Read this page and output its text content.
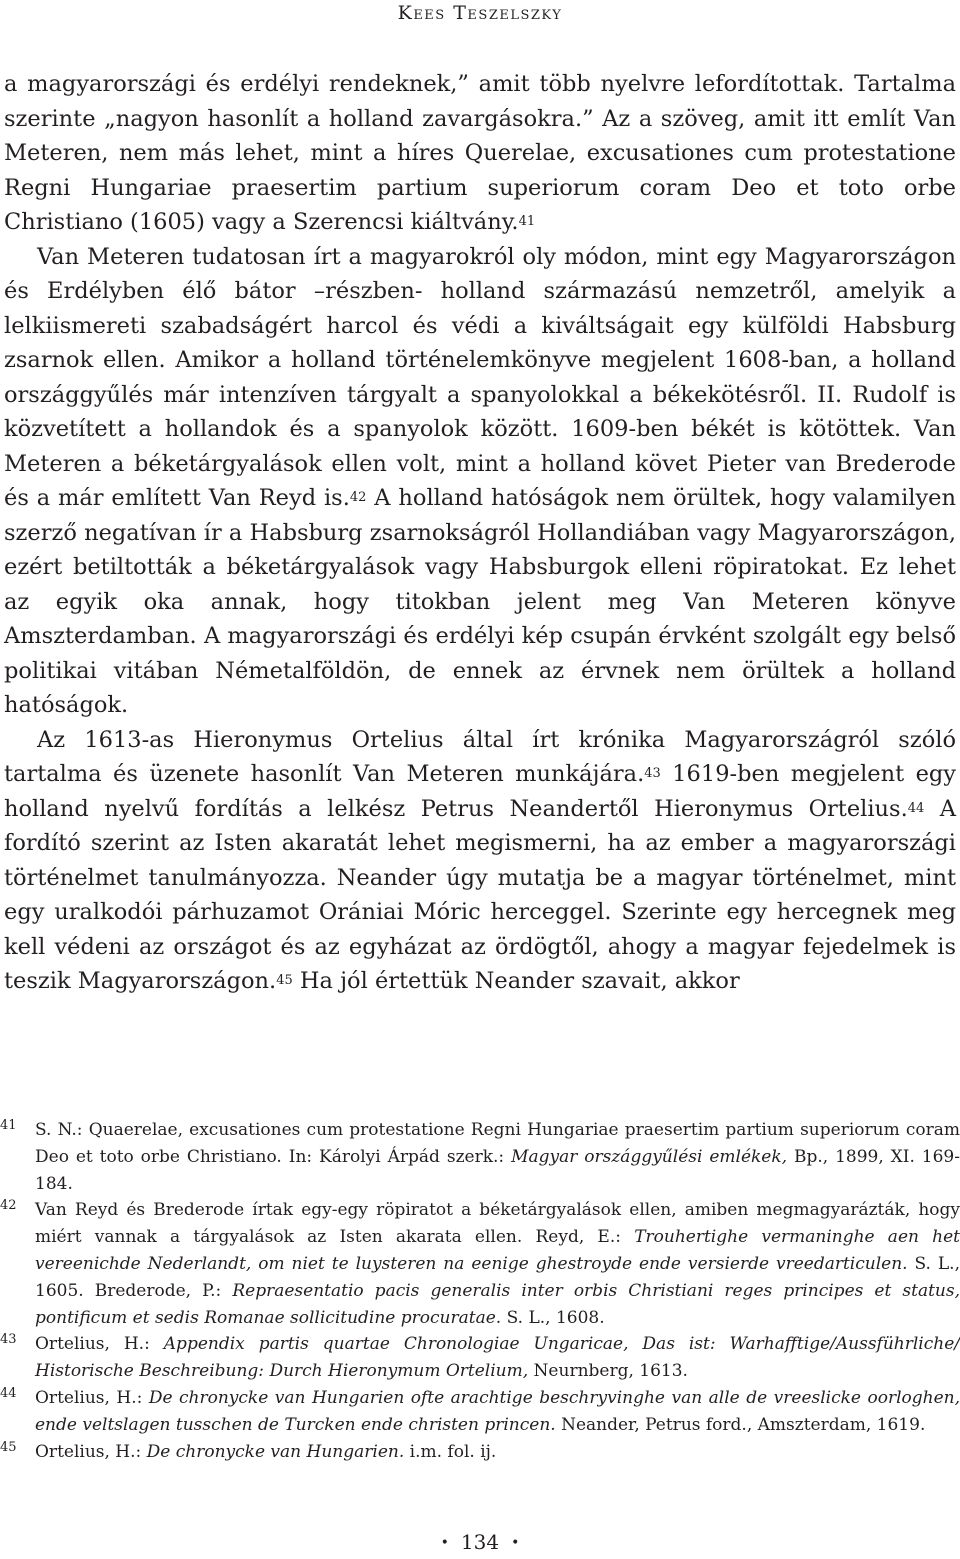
Kees Teszelszky

a magyarországi és erdélyi rendeknek,” amit több nyelvre lefordítottak. Tartalma szerinte „nagyon hasonlít a holland zavargásokra.” Az a szöveg, amit itt említ Van Meteren, nem más lehet, mint a híres Querelae, excusationes cum protestatione Regni Hungariae praesertim partium superiorum coram Deo et toto orbe Christiano (1605) vagy a Szerencsi kiáltvány.$^{41}$

Van Meteren tudatosan írt a magyarokról oly módon, mint egy Magyarországon és Erdélyben élő bátor –részben- holland származású nemzetről, amelyik a lelkiismereti szabadságért harcol és védi a kiváltságait egy külföldi Habsburg zsarnok ellen. Amikor a holland történelemkönyve megjelent 1608-ban, a holland országgyűlés már intenzíven tárgyalt a spanyolokkal a békekötésről. II. Rudolf is közvetített a hollandok és a spanyolok között. 1609-ben békét is kötöttek. Van Meteren a béketárgyalások ellen volt, mint a holland követ Pieter van Brederode és a már említett Van Reyd is.$^{42}$ A holland hatóságok nem örültek, hogy valamilyen szerző negatívan ír a Habsburg zsarnokságról Hollandiában vagy Magyarországon, ezért betiltották a béketárgyalások vagy Habsburgok elleni röpiratokat. Ez lehet az egyik oka annak, hogy titokban jelent meg Van Meteren könyve Amszterdamban. A magyarországi és erdélyi kép csupán érvként szolgált egy belső politikai vitában Németalföldön, de ennek az érvnek nem örültek a holland hatóságok.

Az 1613-as Hieronymus Ortelius által írt krónika Magyarországról szóló tartalma és üzenete hasonlít Van Meteren munkájára.$^{43}$ 1619-ben megjelent egy holland nyelvű fordítás a lelkész Petrus Neandertől Hieronymus Ortelius.$^{44}$ A fordító szerint az Isten akaratát lehet megismerni, ha az ember a magyarországi történelmet tanulmányozza. Neander úgy mutatja be a magyar történelmet, mint egy uralkodói párhuzamot Orániai Móric herceggel. Szerinte egy hercegnek meg kell védeni az országot és az egyházat az ördögtől, ahogy a magyar fejedelmek is teszik Magyarországon.$^{45}$ Ha jól értettük Neander szavait, akkor

41 S. N.: Quaerelae, excusationes cum protestatione Regni Hungariae praesertim partium superiorum coram Deo et toto orbe Christiano. In: Károlyi Árpád szerk.: Magyar országgyűlési emlékek, Bp., 1899, XI. 169-184.
42 Van Reyd és Brederode írtak egy-egy röpiratot a béketárgyalások ellen, amiben megmagyarázták, hogy miért vannak a tárgyalások az Isten akarata ellen. Reyd, E.: Trouhertighe vermaninghe aen het vereenichde Nederlandt, om niet te luysteren na eenige ghestroyde ende versierde vreedarticulen. S. L., 1605. Brederode, P.: Repraesentatio pacis generalis inter orbis Christiani reges principes et status, pontificum et sedis Romanae sollicitudine procuratae. S. L., 1608.
43 Ortelius, H.: Appendix partis quartae Chronologiae Ungaricae, Das ist: Warhafftige/Aussführliche/ Historische Beschreibung: Durch Hieronymum Ortelium, Neurnberg, 1613.
44 Ortelius, H.: De chronycke van Hungarien ofte arachtige beschryvinghe van alle de vreeslicke oorloghen, ende veltslagen tusschen de Turcken ende christen princen. Neander, Petrus ford., Amszterdam, 1619.
45 Ortelius, H.: De chronycke van Hungarien. i.m. fol. ij.
• 134 •
